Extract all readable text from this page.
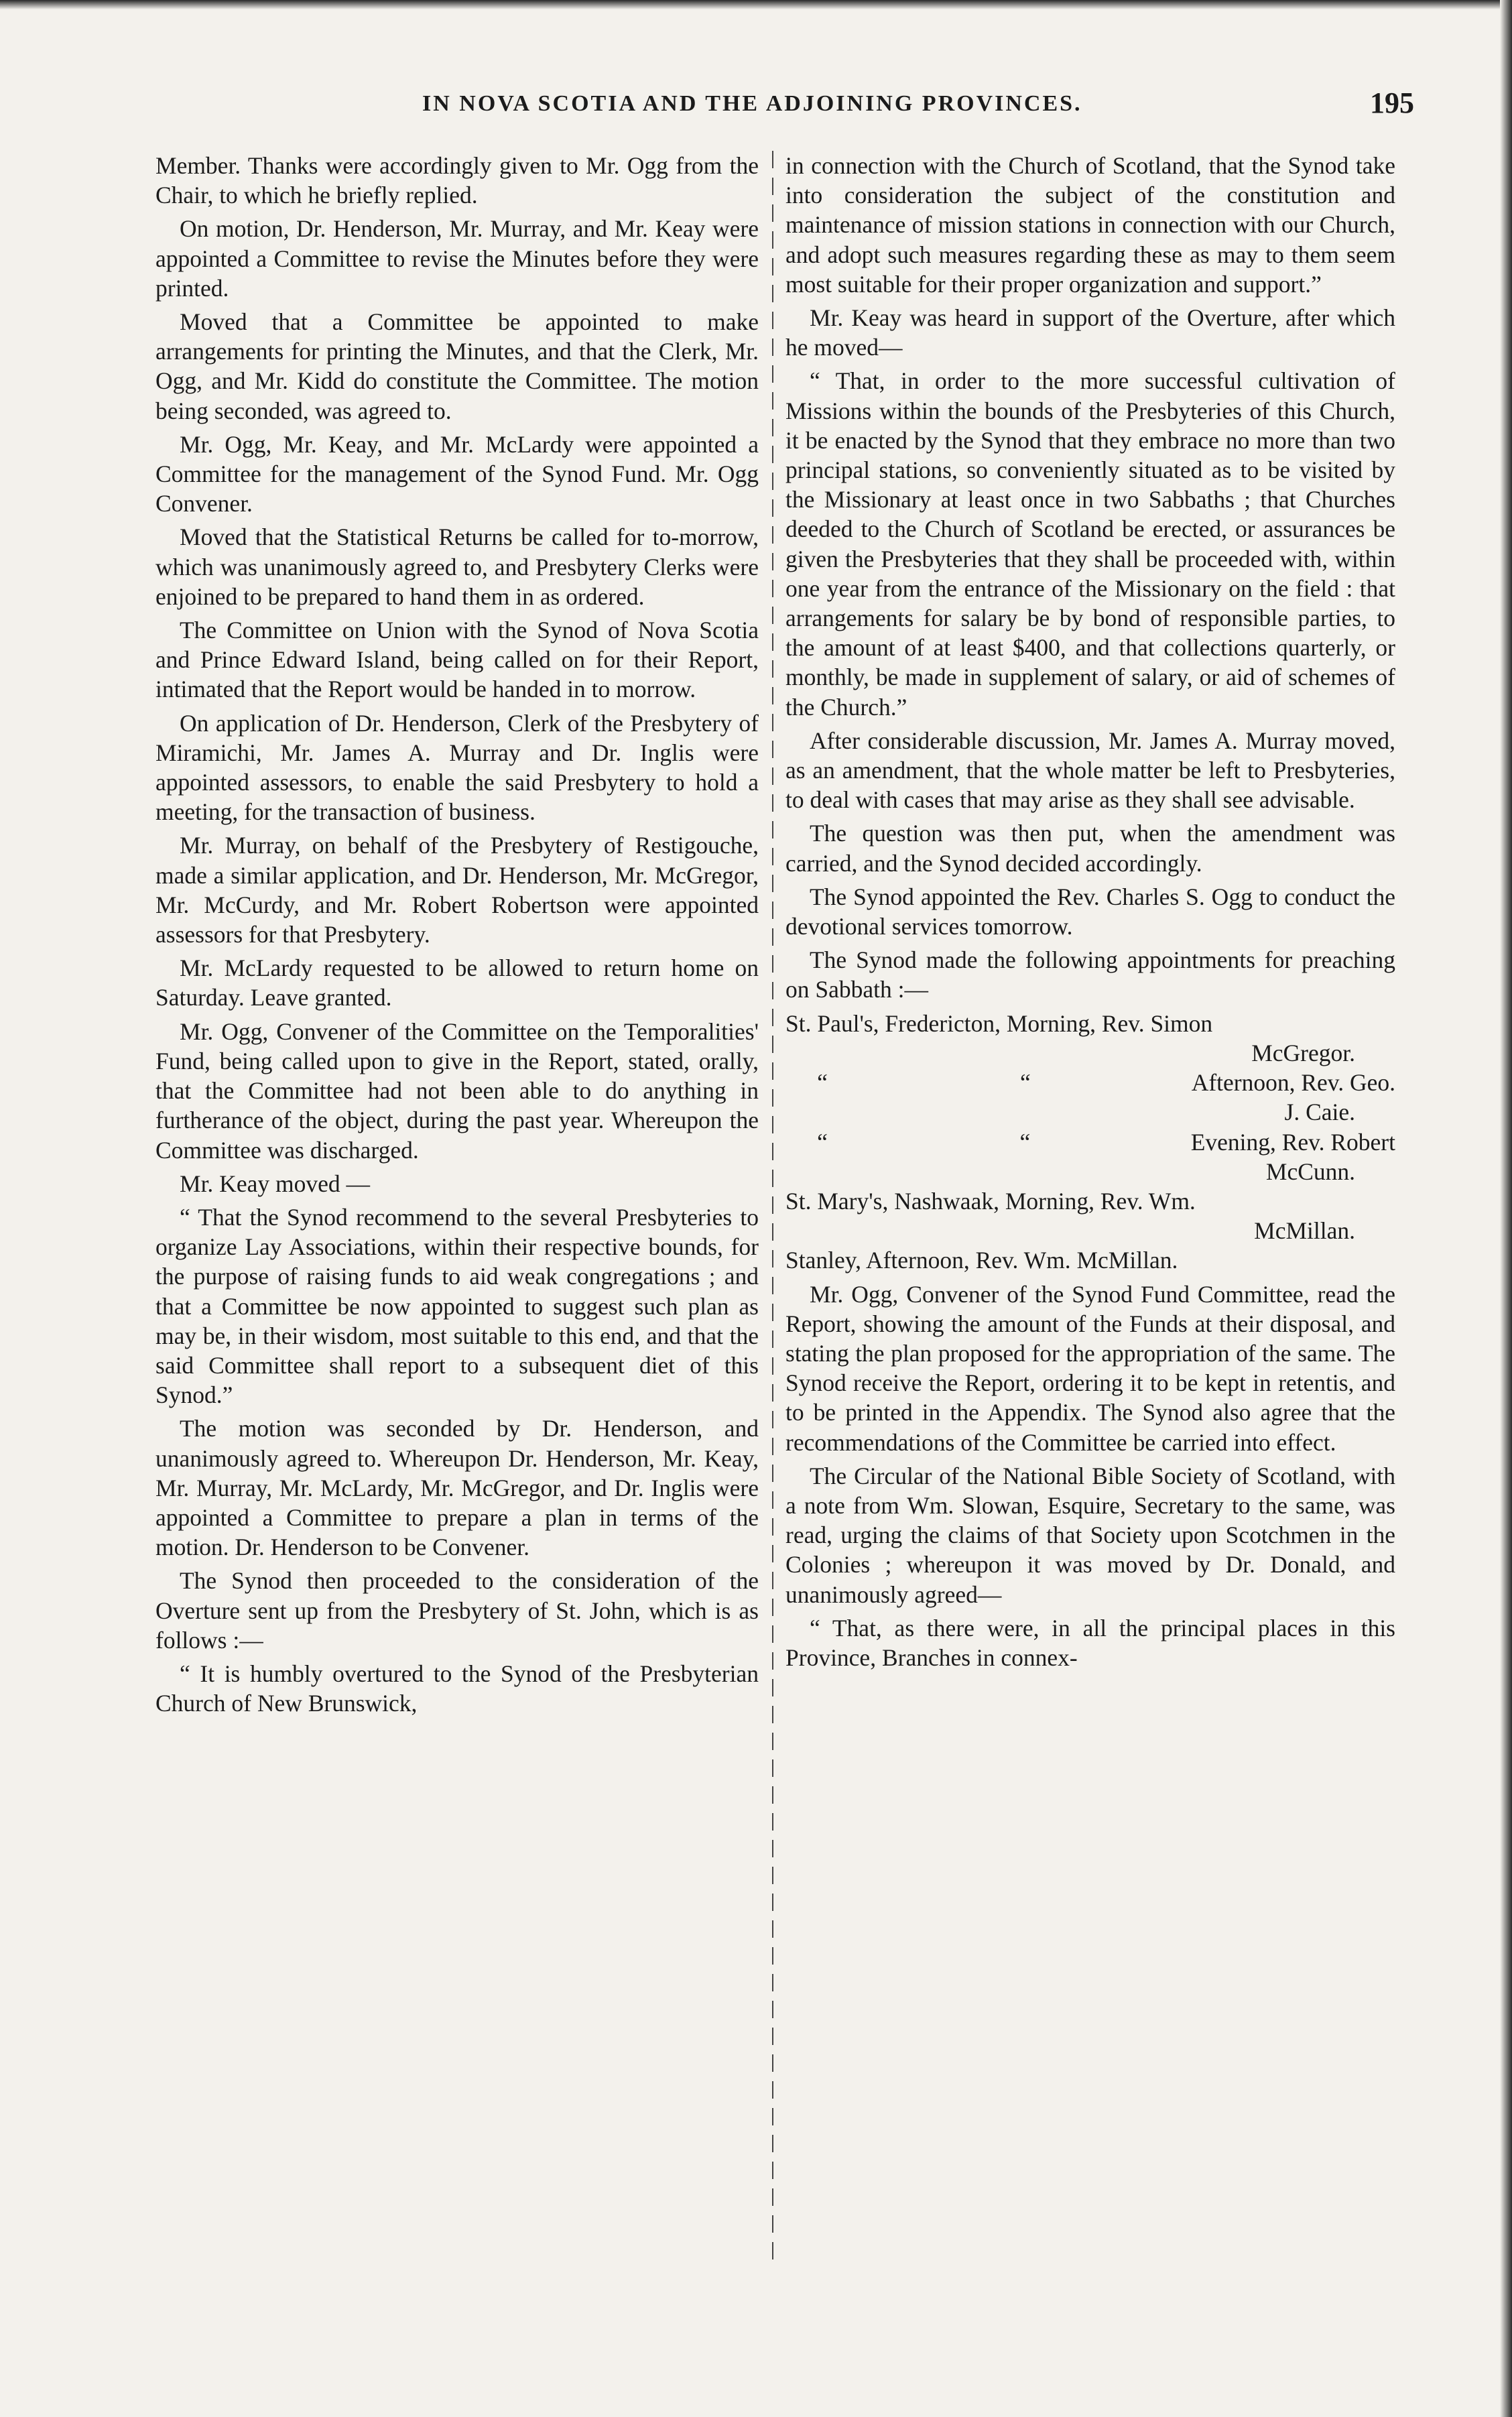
IN NOVA SCOTIA AND THE ADJOINING PROVINCES.	195

Member. Thanks were accordingly given to Mr. Ogg from the Chair, to which he briefly replied.

On motion, Dr. Henderson, Mr. Murray, and Mr. Keay were appointed a Committee to revise the Minutes before they were printed.

Moved that a Committee be appointed to make arrangements for printing the Minutes, and that the Clerk, Mr. Ogg, and Mr. Kidd do constitute the Committee. The motion being seconded, was agreed to.

Mr. Ogg, Mr. Keay, and Mr. McLardy were appointed a Committee for the management of the Synod Fund. Mr. Ogg Convener.

Moved that the Statistical Returns be called for to-morrow, which was unanimously agreed to, and Presbytery Clerks were enjoined to be prepared to hand them in as ordered.

The Committee on Union with the Synod of Nova Scotia and Prince Edward Island, being called on for their Report, intimated that the Report would be handed in to morrow.

On application of Dr. Henderson, Clerk of the Presbytery of Miramichi, Mr. James A. Murray and Dr. Inglis were appointed assessors, to enable the said Presbytery to hold a meeting, for the transaction of business.

Mr. Murray, on behalf of the Presbytery of Restigouche, made a similar application, and Dr. Henderson, Mr. McGregor, Mr. McCurdy, and Mr. Robert Robertson were appointed assessors for that Presbytery.

Mr. McLardy requested to be allowed to return home on Saturday. Leave granted.

Mr. Ogg, Convener of the Committee on the Temporalities' Fund, being called upon to give in the Report, stated, orally, that the Committee had not been able to do anything in furtherance of the object, during the past year. Whereupon the Committee was discharged.

Mr. Keay moved —

“ That the Synod recommend to the several Presbyteries to organize Lay Associations, within their respective bounds, for the purpose of raising funds to aid weak congregations ; and that a Committee be now appointed to suggest such plan as may be, in their wisdom, most suitable to this end, and that the said Committee shall report to a subsequent diet of this Synod.”

The motion was seconded by Dr. Henderson, and unanimously agreed to. Whereupon Dr. Henderson, Mr. Keay, Mr. Murray, Mr. McLardy, Mr. McGregor, and Dr. Inglis were appointed a Committee to prepare a plan in terms of the motion. Dr. Henderson to be Convener.

The Synod then proceeded to the consideration of the Overture sent up from the Presbytery of St. John, which is as follows :—

“ It is humbly overtured to the Synod of the Presbyterian Church of New Brunswick,

in connection with the Church of Scotland, that the Synod take into consideration the subject of the constitution and maintenance of mission stations in connection with our Church, and adopt such measures regarding these as may to them seem most suitable for their proper organization and support.”

Mr. Keay was heard in support of the Overture, after which he moved—

“ That, in order to the more successful cultivation of Missions within the bounds of the Presbyteries of this Church, it be enacted by the Synod that they embrace no more than two principal stations, so conveniently situated as to be visited by the Missionary at least once in two Sabbaths ; that Churches deeded to the Church of Scotland be erected, or assurances be given the Presbyteries that they shall be proceeded with, within one year from the entrance of the Missionary on the field : that arrangements for salary be by bond of responsible parties, to the amount of at least $400, and that collections quarterly, or monthly, be made in supplement of salary, or aid of schemes of the Church.”

After considerable discussion, Mr. James A. Murray moved, as an amendment, that the whole matter be left to Presbyteries, to deal with cases that may arise as they shall see advisable.

The question was then put, when the amendment was carried, and the Synod decided accordingly.

The Synod appointed the Rev. Charles S. Ogg to conduct the devotional services tomorrow.

The Synod made the following appointments for preaching on Sabbath :—

St. Paul's, Fredericton, Morning, Rev. Simon
McGregor.
“	“	Afternoon, Rev. Geo.
J. Caie.
“	“	Evening, Rev. Robert
McCunn.
St. Mary's, Nashwaak, Morning, Rev. Wm.
McMillan.
Stanley, Afternoon, Rev. Wm. McMillan.

Mr. Ogg, Convener of the Synod Fund Committee, read the Report, showing the amount of the Funds at their disposal, and stating the plan proposed for the appropriation of the same. The Synod receive the Report, ordering it to be kept in retentis, and to be printed in the Appendix. The Synod also agree that the recommendations of the Committee be carried into effect.

The Circular of the National Bible Society of Scotland, with a note from Wm. Slowan, Esquire, Secretary to the same, was read, urging the claims of that Society upon Scotchmen in the Colonies ; whereupon it was moved by Dr. Donald, and unanimously agreed—

“ That, as there were, in all the principal places in this Province, Branches in connex-
